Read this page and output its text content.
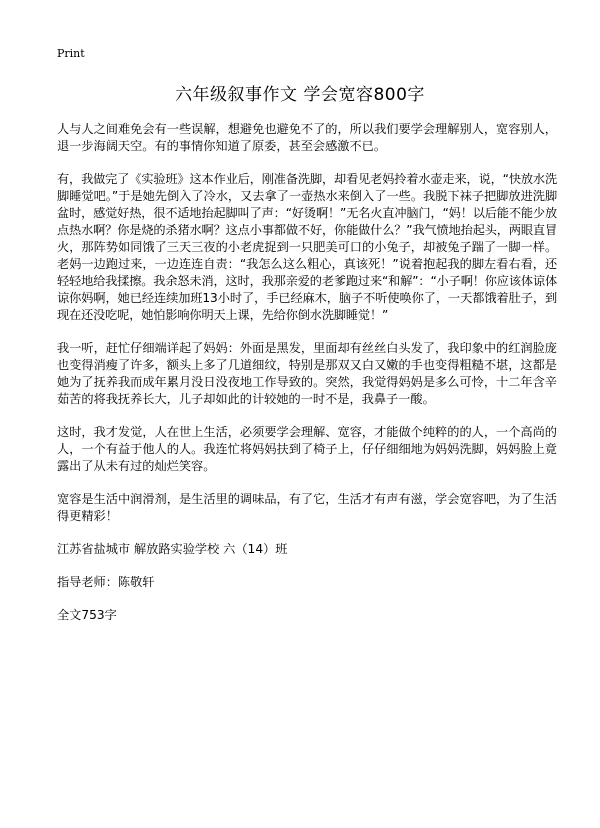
Print
六年级叙事作文 学会宽容800字

人与人之间难免会有一些误解，想避免也避免不了的，所以我们要学会理解别人，宽容别人，退一步海阔天空。有的事情你知道了原委，甚至会感激不已。

有，我做完了《实验班》这本作业后，刚准备洗脚，却看见老妈拎着水壶走来，说，“快放水洗脚睡觉吧。”于是她先倒入了冷水，又去拿了一壶热水来倒入了一些。我脱下袜子把脚放进洗脚盆时，感觉好热，很不适地抬起脚叫了声：“好烫啊！”无名火直冲脑门，“妈！以后能不能少放点热水啊？你是烧的杀猪水啊？这点小事都做不好，你能做什么？”我气愤地抬起头，两眼直冒火，那阵势如同饿了三天三夜的小老虎捉到一只肥美可口的小兔子，却被兔子踹了一脚一样。老妈一边跑过来，一边连连自责：“我怎么这么粗心，真该死！”说着抱起我的脚左看右看，还轻轻地给我揉擦。我余怒未消，这时，我那亲爱的老爹跑过来“和解”：“小子啊！你应该体谅体谅你妈啊，她已经连续加班13小时了，手已经麻木，脑子不听使唤你了，一天都饿着肚子，到现在还没吃呢，她怕影响你明天上课，先给你倒水洗脚睡觉！”

我一听，赶忙仔细端详起了妈妈：外面是黑发，里面却有丝丝白头发了，我印象中的红润脸庞也变得消瘦了许多，额头上多了几道细纹，特别是那双又白又嫩的手也变得粗糙不堪，这都是她为了抚养我而成年累月没日没夜地工作导致的。突然，我觉得妈妈是多么可怜，十二年含辛茹苦的将我抚养长大，儿子却如此的计较她的一时不是，我鼻子一酸。

这时，我才发觉，人在世上生活，必须要学会理解、宽容，才能做个纯粹的的人，一个高尚的人，一个有益于他人的人。我连忙将妈妈扶到了椅子上，仔仔细细地为妈妈洗脚，妈妈脸上竟露出了从未有过的灿烂笑容。

宽容是生活中润滑剂，是生活里的调味品，有了它，生活才有声有滋，学会宽容吧，为了生活得更精彩！

江苏省盐城市 解放路实验学校 六（14）班
指导老师：陈敬轩
全文753字
